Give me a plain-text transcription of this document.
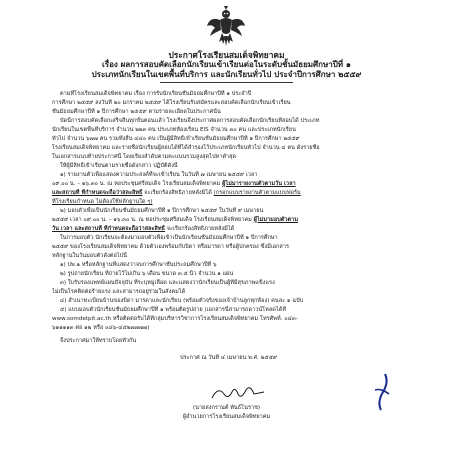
ประกาศโรงเรียนสมเด็จพิทยาคม
เรื่อง ผลการสอบคัดเลือกนักเรียนเข้าเรียนต่อในระดับชั้นมัธยมศึกษาปีที่ ๑
ประเภทนักเรียนในเขตพื้นที่บริการ และนักเรียนทั่วไป ประจำปีการศึกษา ๒๕๕๙
ตามที่โรงเรียนสมเด็จพิทยาคม เรื่อง การรับนักเรียนชั้นมัธยมศึกษาปีที่ ๑ ประจำปี
การศึกษา ๒๕๕๙ ลงวันที่ ๒๐ มกราคม ๒๕๕๙ ได้โรงเรียนรับสมัครและสอบคัดเลือกนักเรียนเข้าเรียน
ชั้นมัธยมศึกษาปีที่ ๑ ปีการศึกษา ๒๕๕๙ ตามรายละเอียดในประกาศนั้น
บัดนี้การสอบคัดเลือกเสร็จสิ้นทุกขั้นตอนแล้ว โรงเรียนจึงประกาศผลการสอบคัดเลือกนักเรียนที่สอบได้ ประเภท
นักเรียนในเขตพื้นที่บริการ จำนวน ๒๒๓ คน ประเภทห้องเรียน EIS จำนวน ๓๐ คน และประเภทนักเรียน
ทั่วไป จำนวน ๖๗๗ คน รวมทั้งสิ้น ๔๔๐ คน เป็นผู้มีสิทธิ์เข้าเรียนชั้นมัธยมศึกษาปีที่ ๑ ปีการศึกษา ๒๕๕๙
โรงเรียนสมเด็จพิทยาคม และรายชื่อนักเรียนผู้สอบได้ที่ได้สำรองไว้ประเภทนักเรียนทั่วไป จำนวน ๔ คน ดังรายชื่อ
ในเอกสารแนบท้ายประกาศนี้ โดยเรียงลำดับตามคะแนนรวมสูงสุดไปหาต่ำสุด
ให้ผู้มีสิทธิ์เข้าเรียนตามรายชื่อดังกล่าว ปฏิบัติดังนี้
๑) รายงานตัวเพื่อแสดงความประสงค์ที่จะเข้าเรียน ในวันที่ ๗ เมษายน ๒๕๕๙ เวลา
๐๙.๐๐ น. – ๑๖.๓๐ น. ณ หอประชุมศรีสมเด็จ โรงเรียนสมเด็จพิทยาคม ผู้ไม่มารายงานตัวตามวัน เวลา
และสถานที่ ที่กำหนดจะถือว่าสละสิทธิ์ จะเรียกร้องสิทธิภายหลังมิได้ (กรอกแบบรายงานตัวตามแบบฟอร์ม
ที่โรงเรียนกำหนด ไม่ต้องใช้หลักฐานใด ๆ)
๒) มอบตัวเพื่อเป็นนักเรียนชั้นมัธยมศึกษาปีที่ ๑ ปีการศึกษา ๒๕๕๙ ในวันที่ ๙ เมษายน
๒๕๕๙ เวลา ๐๙.๐๐ น. – ๑๖.๓๐ น. ณ หอประชุมศรีสมเด็จ โรงเรียนสมเด็จพิทยาคม ผู้ไม่มามอบตัวตาม
วัน เวลา และสถานที่ ที่กำหนดจะถือว่าสละสิทธิ์ จะเรียกร้องสิทธิภายหลังมิได้
ในการมอบตัว นักเรียนจะต้องมามอบตัวเพื่อเข้าเป็นนักเรียนชั้นมัธยมศึกษาปีที่ ๑ ปีการศึกษา
๒๕๕๙ ของโรงเรียนสมเด็จพิทยาคม ด้วยตัวเองพร้อมกับบิดา หรือมารดา หรือผู้ปกครอง ซึ่งมีเอกสาร
หลักฐานในวันมอบตัวดังต่อไปนี้
๑) ปพ.๑ หรือหลักฐานที่แสดงว่าจบการศึกษาชั้นประถมศึกษาปีที่ ๖
๒) รูปถ่ายนักเรียน ที่ถ่ายไว้ไม่เกิน ๖ เดือน ขนาด ๓.๕ นิ้ว จำนวน ๑ แผ่น
๓) ใบรับรองแพทย์แผนปัจจุบัน ที่ระบุหมู่เลือด และแสดงว่านักเรียนเป็นผู้ที่มีสุขภาพแข็งแรง
ไม่เป็นโรคติดต่อร้ายแรง และสามารถอยู่ร่วมในสังคมได้
๔) สำเนาทะเบียนบ้านของบิดา มารดาและนักเรียน (พร้อมตัวจริงของเจ้าบ้านลูกทุกห้อง) คนละ ๑ ฉบับ
๕) แบบมอบตัวนักเรียนชั้นมัธยมศึกษาปีที่ ๑ พร้อมติดรูปถ่าย (เอกสารนี้สามารถดาวน์โหลดได้ที่
www.somdetpit.ac.th หรือติดต่อรับได้ที่กลุ่มบริหารวิชาการโรงเรียนสมเด็จพิทยาคม โทรศัพท์. ๐๔๓-
๖๑๑๑๑๓ ต่อ ๑๒ หรือ ๐๘๖-๔๕๒๗๗๗๗)
จึงประกาศมาให้ทราบโดยทั่วกัน
ประกาศ ณ วันที่ ๔ เมษายน พ.ศ. ๒๕๕๙
(นายสงกรานต์ พันธ์โนราช)
ผู้อำนวยการโรงเรียนสมเด็จพิทยาคม
